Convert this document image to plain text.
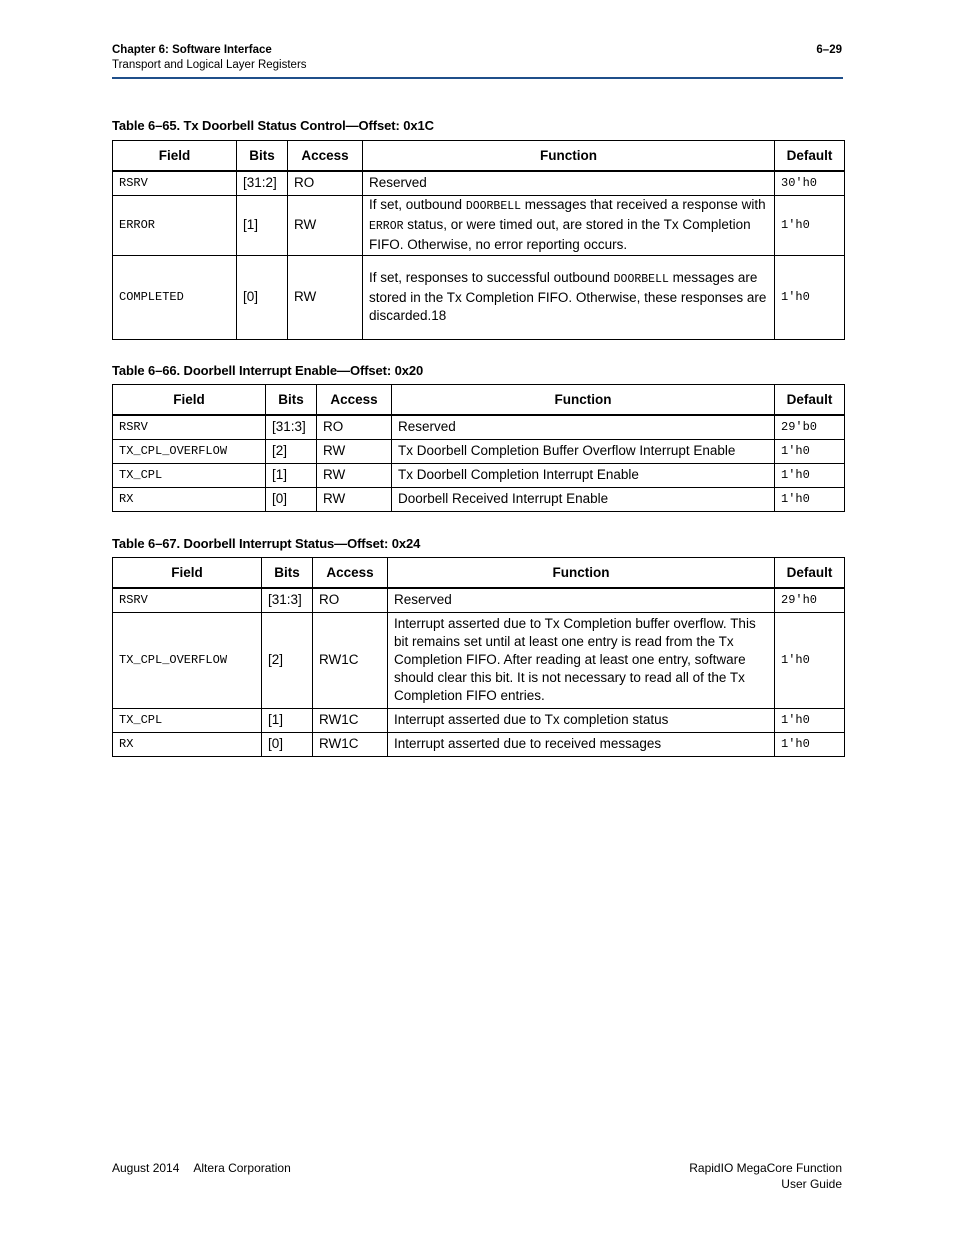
Chapter 6: Software Interface
Transport and Logical Layer Registers
6–29
Table 6–65. Tx Doorbell Status Control—Offset: 0x1C
Field	Bits	Access	Function	Default
RSRV	[31:2]	RO	Reserved	30'h0
ERROR	[1]	RW	If set, outbound DOORBELL messages that received a response with ERROR status, or were timed out, are stored in the Tx Completion FIFO. Otherwise, no error reporting occurs.	1'h0
COMPLETED	[0]	RW	If set, responses to successful outbound DOORBELL messages are stored in the Tx Completion FIFO. Otherwise, these responses are discarded.18	1'h0
Table 6–66. Doorbell Interrupt Enable—Offset: 0x20
Field	Bits	Access	Function	Default
RSRV	[31:3]	RO	Reserved	29'b0
TX_CPL_OVERFLOW	[2]	RW	Tx Doorbell Completion Buffer Overflow Interrupt Enable	1'h0
TX_CPL	[1]	RW	Tx Doorbell Completion Interrupt Enable	1'h0
RX	[0]	RW	Doorbell Received Interrupt Enable	1'h0
Table 6–67. Doorbell Interrupt Status—Offset: 0x24
Field	Bits	Access	Function	Default
RSRV	[31:3]	RO	Reserved	29'h0
TX_CPL_OVERFLOW	[2]	RW1C	Interrupt asserted due to Tx Completion buffer overflow. This bit remains set until at least one entry is read from the Tx Completion FIFO. After reading at least one entry, software should clear this bit. It is not necessary to read all of the Tx Completion FIFO entries.	1'h0
TX_CPL	[1]	RW1C	Interrupt asserted due to Tx completion status	1'h0
RX	[0]	RW1C	Interrupt asserted due to received messages	1'h0
August 2014 Altera Corporation	RapidIO MegaCore Function
User Guide
